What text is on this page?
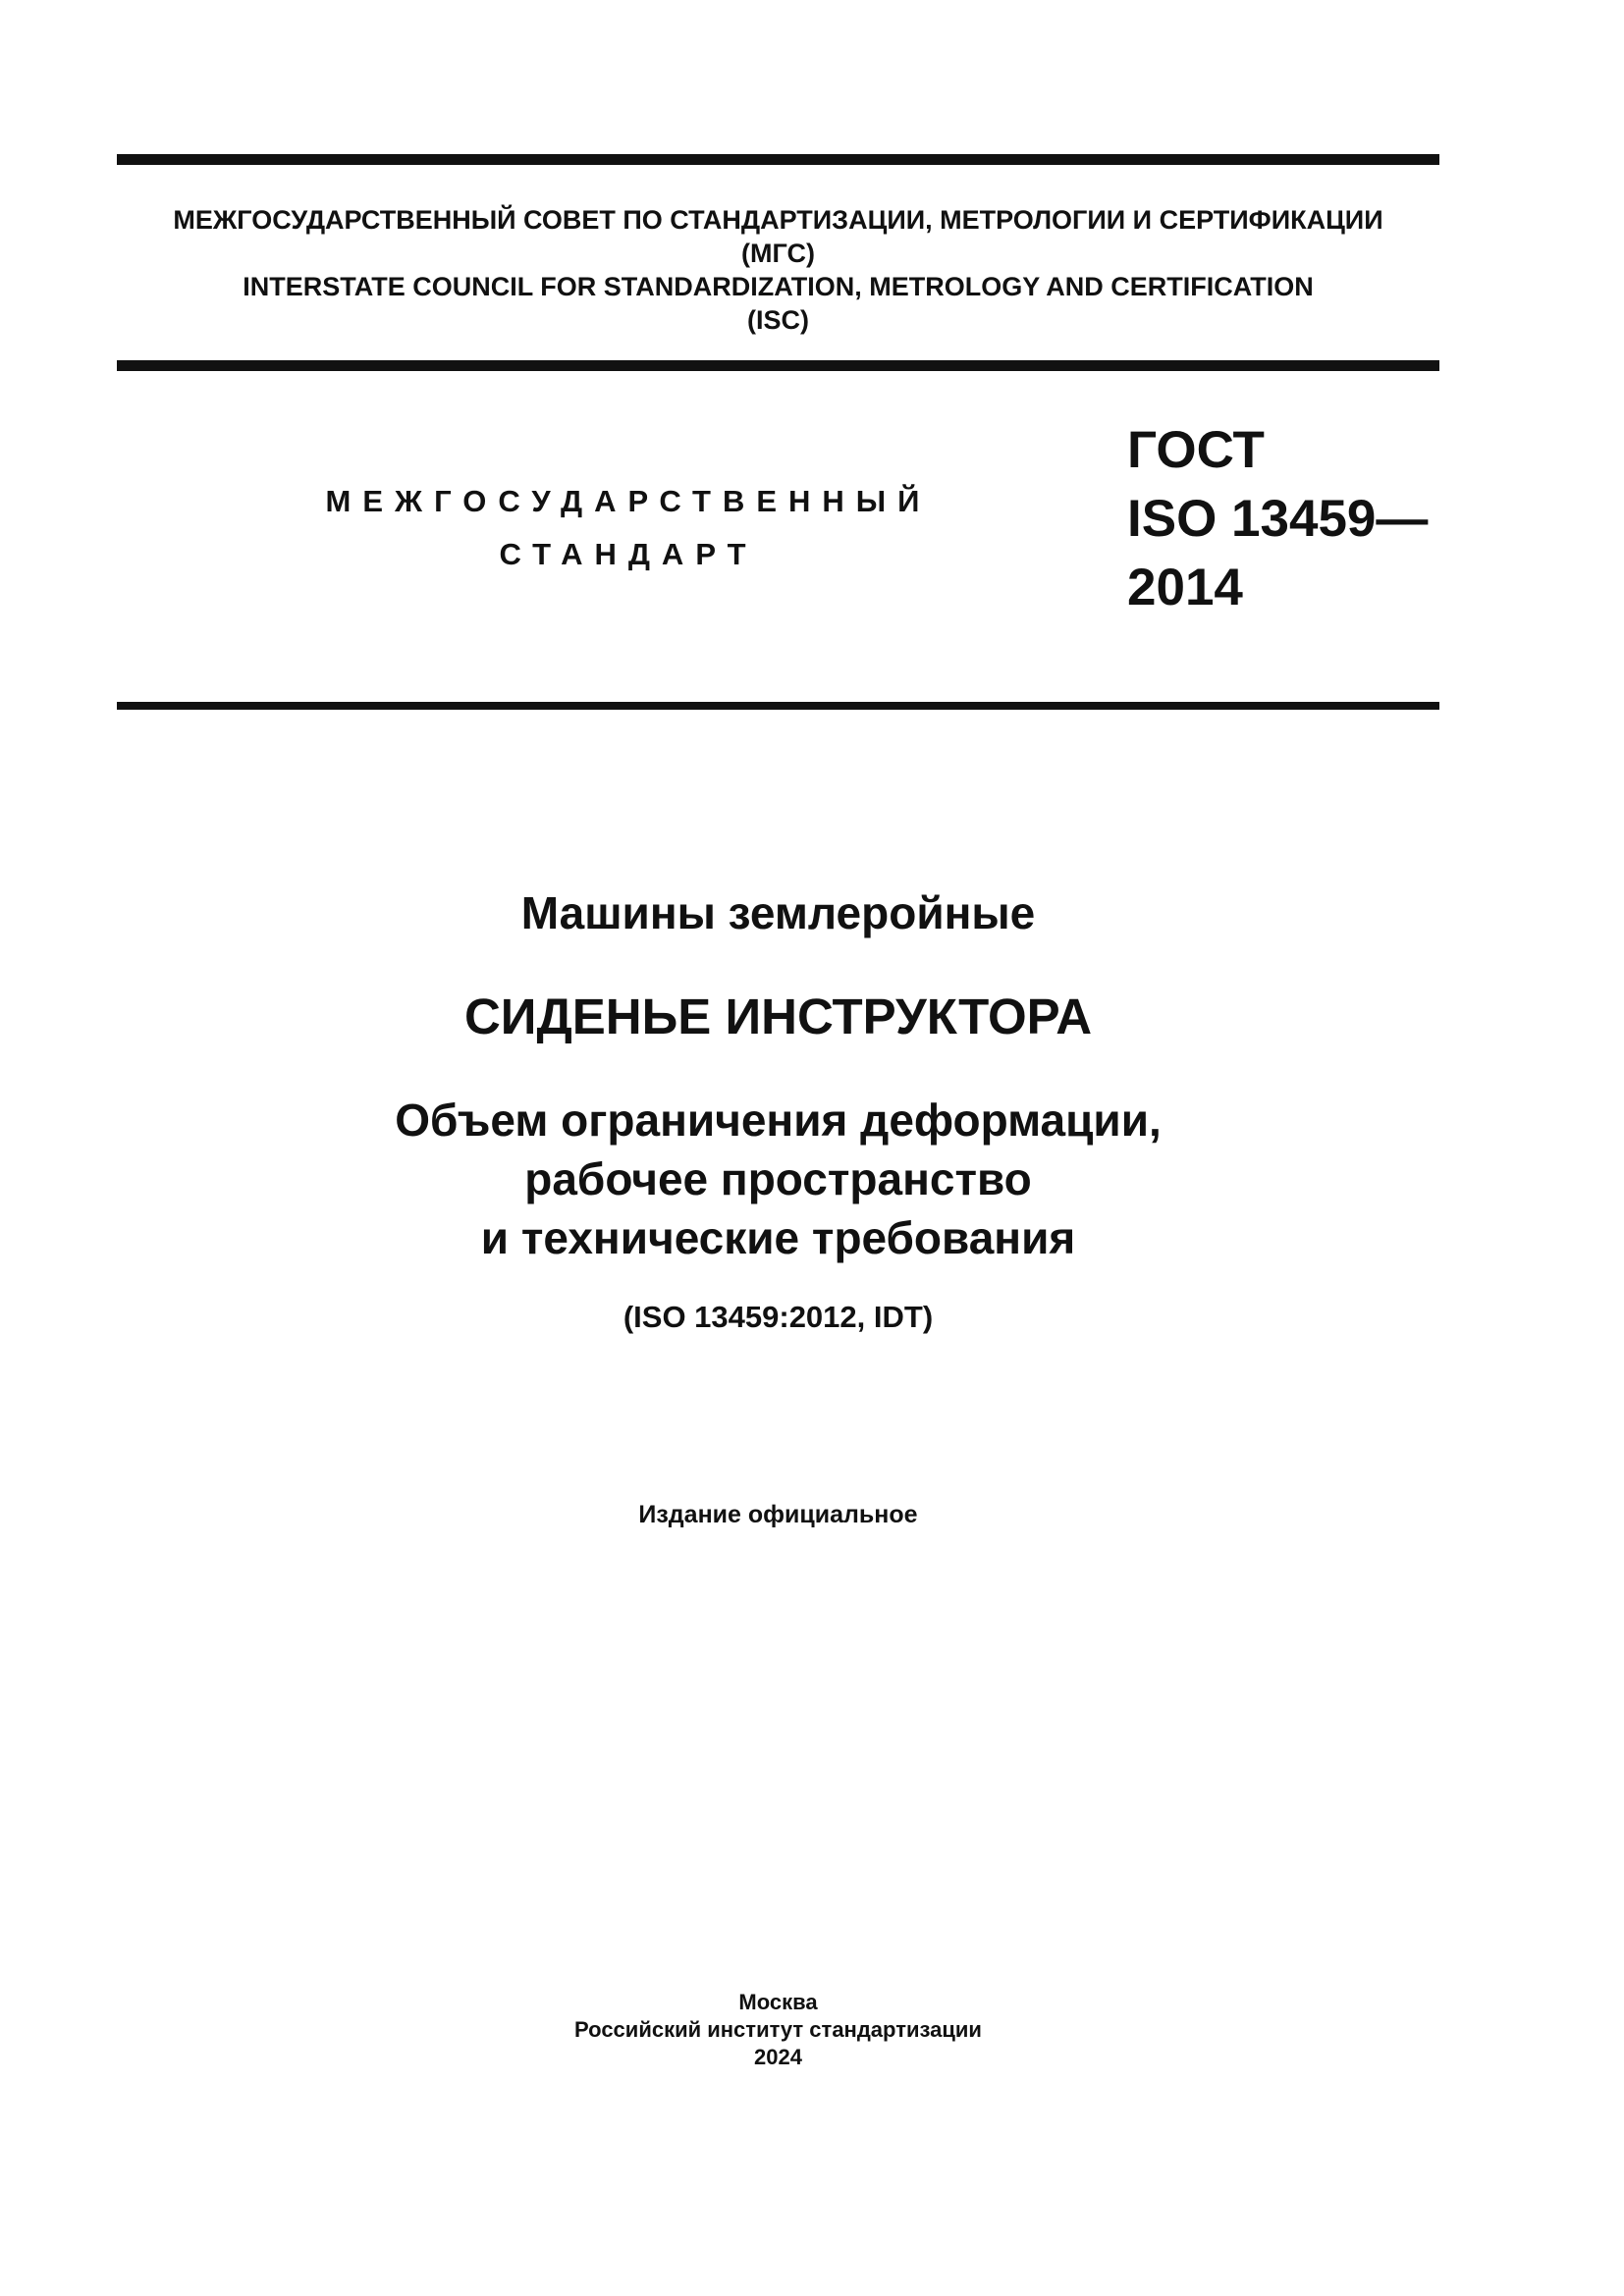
МЕЖГОСУДАРСТВЕННЫЙ СОВЕТ ПО СТАНДАРТИЗАЦИИ, МЕТРОЛОГИИ И СЕРТИФИКАЦИИ
(МГС)
INTERSTATE COUNCIL FOR STANDARDIZATION, METROLOGY AND CERTIFICATION
(ISC)
МЕЖГОСУДАРСТВЕННЫЙ
СТАНДАРТ
ГОСТ
ISO 13459—
2014
Машины землеройные
СИДЕНЬЕ ИНСТРУКТОРА
Объем ограничения деформации,
рабочее пространство
и технические требования
(ISO 13459:2012, IDT)
Издание официальное
Москва
Российский институт стандартизации
2024
